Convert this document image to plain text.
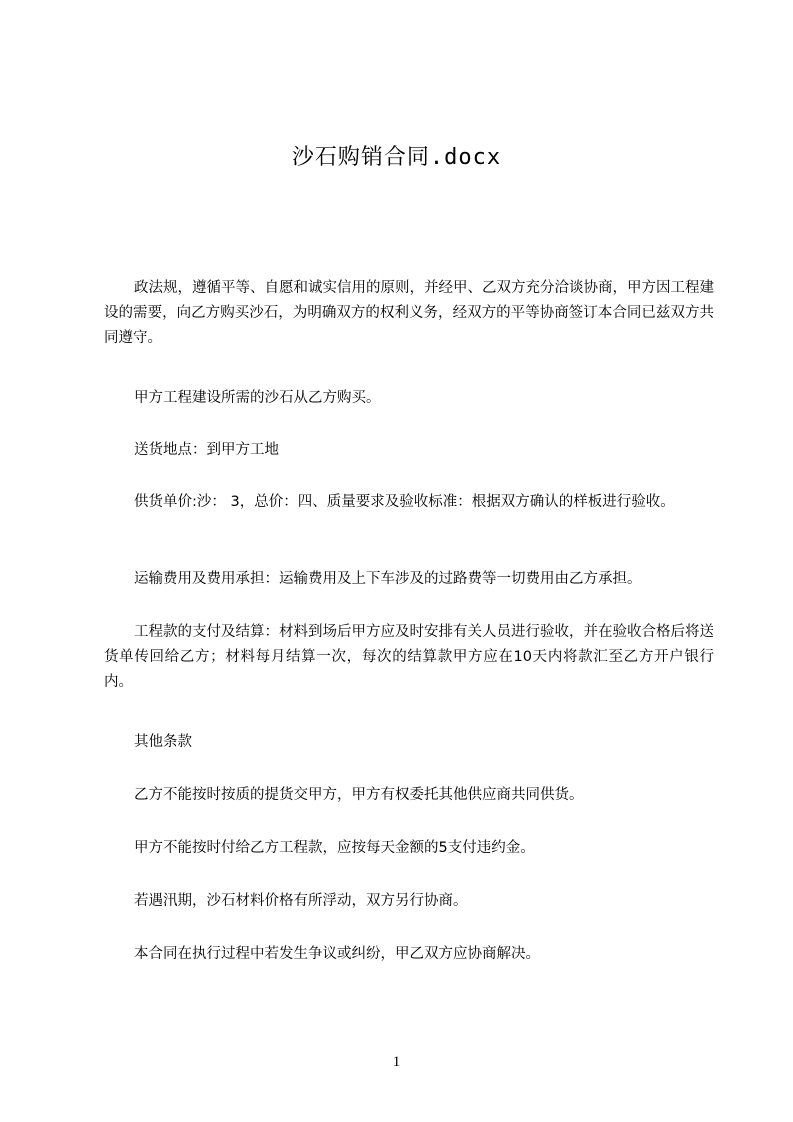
沙石购销合同.docx

政法规，遵循平等、自愿和诚实信用的原则，并经甲、乙双方充分洽谈协商，甲方因工程建设的需要，向乙方购买沙石，为明确双方的权利义务，经双方的平等协商签订本合同已兹双方共同遵守。

甲方工程建设所需的沙石从乙方购买。

送货地点：到甲方工地

供货单价:沙： 3，总价：四、质量要求及验收标准：根据双方确认的样板进行验收。

运输费用及费用承担：运输费用及上下车涉及的过路费等一切费用由乙方承担。

工程款的支付及结算：材料到场后甲方应及时安排有关人员进行验收，并在验收合格后将送货单传回给乙方；材料每月结算一次，每次的结算款甲方应在10天内将款汇至乙方开户银行内。

其他条款

乙方不能按时按质的提货交甲方，甲方有权委托其他供应商共同供货。

甲方不能按时付给乙方工程款，应按每天金额的5支付违约金。

若遇汛期，沙石材料价格有所浮动，双方另行协商。

本合同在执行过程中若发生争议或纠纷，甲乙双方应协商解决。

1
